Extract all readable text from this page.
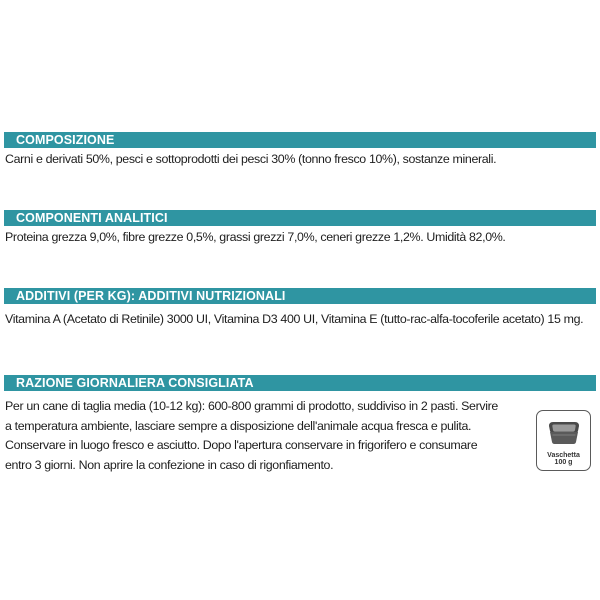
COMPOSIZIONE
Carni e derivati 50%, pesci e sottoprodotti dei pesci 30% (tonno fresco 10%), sostanze minerali.
COMPONENTI ANALITICI
Proteina grezza 9,0%, fibre grezze 0,5%, grassi grezzi 7,0%, ceneri grezze 1,2%. Umidità 82,0%.
ADDITIVI (PER KG): ADDITIVI NUTRIZIONALI
Vitamina A (Acetato di Retinile) 3000 UI, Vitamina D3 400 UI, Vitamina E (tutto-rac-alfa-tocoferile acetato) 15 mg.
RAZIONE GIORNALIERA CONSIGLIATA
Per un cane di taglia media (10-12 kg): 600-800 grammi di prodotto, suddiviso in 2 pasti. Servire a temperatura ambiente, lasciare sempre a disposizione dell'animale acqua fresca e pulita. Conservare in luogo fresco e asciutto. Dopo l'apertura conservare in frigorifero e consumare entro 3 giorni. Non aprire la confezione in caso di rigonfiamento.
Vaschetta
100 g
